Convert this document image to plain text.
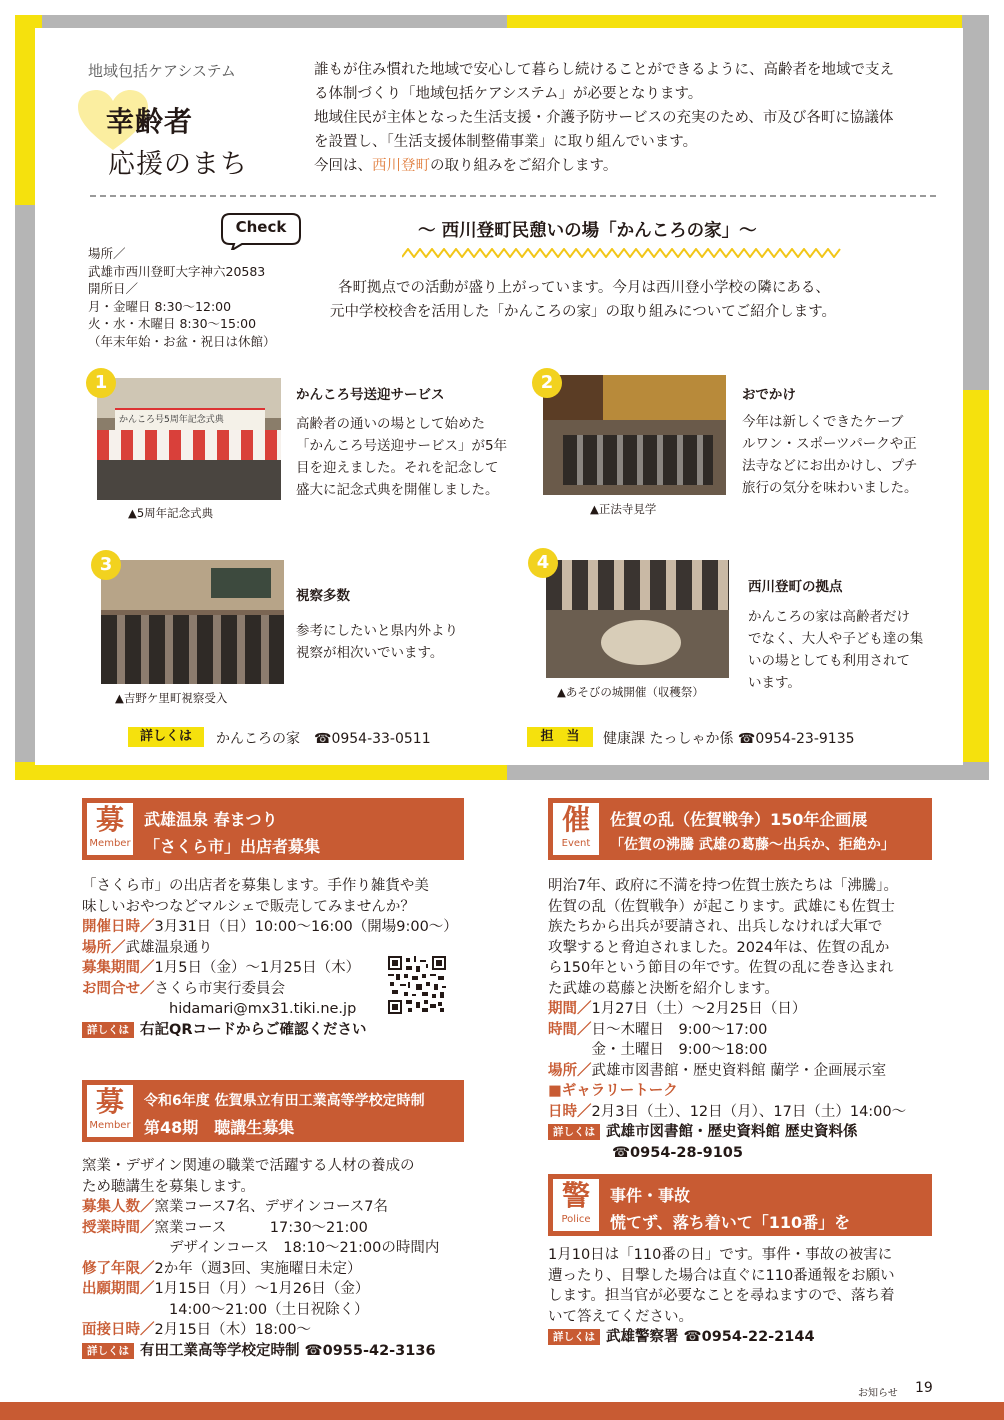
地域包括ケアシステム
幸齢者
応援のまち

誰もが住み慣れた地域で安心して暮らし続けることができるように、高齢者を地域で支え

る体制づくり「地域包括ケアシステム」が必要となります。

地域住民が主体となった生活支援・介護予防サービスの充実のため、市及び各町に協議体

を設置し、「生活支援体制整備事業」に取り組んでいます。

今回は、西川登町の取り組みをご紹介します。

Check
場所／
武雄市西川登町大字神六20583
開所日／
月・金曜日 8:30～12:00
火・水・木曜日 8:30～15:00
（年末年始・お盆・祝日は休館）
～ 西川登町民憩いの場「かんころの家」～
各町拠点での活動が盛り上がっています。今月は西川登小学校の隣にある、
元中学校校舎を活用した「かんころの家」の取り組みについてご紹介します。
かんころ号5周年記念式典
1
▲5周年記念式典
かんころ号送迎サービス
高齢者の通いの場として始めた
「かんころ号送迎サービス」が5年
目を迎えました。それを記念して
盛大に記念式典を開催しました。
2
▲正法寺見学
おでかけ
今年は新しくできたケーブ
ルワン・スポーツパークや正
法寺などにお出かけし、プチ
旅行の気分を味わいました。
3
▲吉野ケ里町視察受入
視察多数
参考にしたいと県内外より
視察が相次いでいます。
4
▲あそびの城開催（収穫祭）
西川登町の拠点
かんころの家は高齢者だけ
でなく、大人や子ども達の集
いの場としても利用されて
います。
詳しくは	かんころの家　☎0954-33-0511	担　当	健康課 たっしゃか係 ☎0954-23-9135
募
Member
武雄温泉 春まつり
「さくら市」出店者募集
「さくら市」の出店者を募集します。手作り雑貨や美
味しいおやつなどマルシェで販売してみませんか？
開催日時／3月31日（日）10:00～16:00（開場9:00～）
場所／武雄温泉通り
募集期間／1月5日（金）～1月25日（木）
お問合せ／さくら市実行委員会
　　　　　　hidamari@mx31.tiki.ne.jp
詳しくは 右記QRコードからご確認ください
募
Member
令和6年度 佐賀県立有田工業高等学校定時制
第48期　聴講生募集
窯業・デザイン関連の職業で活躍する人材の養成の
ため聴講生を募集します。
募集人数／窯業コース7名、デザインコース7名
授業時間／窯業コース　　　17:30～21:00
　　　　　　デザインコース　18:10～21:00の時間内
修了年限／2か年（週3回、実施曜日未定）
出願期間／1月15日（月）～1月26日（金）
　　　　　　14:00～21:00（土日祝除く）
面接日時／2月15日（木）18:00～
詳しくは 有田工業高等学校定時制 ☎0955-42-3136
催
Event
佐賀の乱（佐賀戦争）150年企画展
「佐賀の沸騰 武雄の葛藤～出兵か、拒絶か」
明治7年、政府に不満を持つ佐賀士族たちは「沸騰」。
佐賀の乱（佐賀戦争）が起こります。武雄にも佐賀士
族たちから出兵が要請され、出兵しなければ大軍で
攻撃すると脅迫されました。2024年は、佐賀の乱か
ら150年という節目の年です。佐賀の乱に巻き込まれ
た武雄の葛藤と決断を紹介します。
期間／1月27日（土）～2月25日（日）
時間／日～木曜日　9:00～17:00
　　　金・土曜日　9:00～18:00
場所／武雄市図書館・歴史資料館 蘭学・企画展示室
■ギャラリートーク
日時／2月3日（土）、12日（月）、17日（土）14:00～
詳しくは 武雄市図書館・歴史資料館 歴史資料係
☎0954-28-9105
警
Police
事件・事故
慌てず、落ち着いて「110番」を
1月10日は「110番の日」です。事件・事故の被害に
遭ったり、目撃した場合は直ぐに110番通報をお願い
します。担当官が必要なことを尋ねますので、落ち着
いて答えてください。
詳しくは 武雄警察署 ☎0954-22-2144
お知らせ 19
